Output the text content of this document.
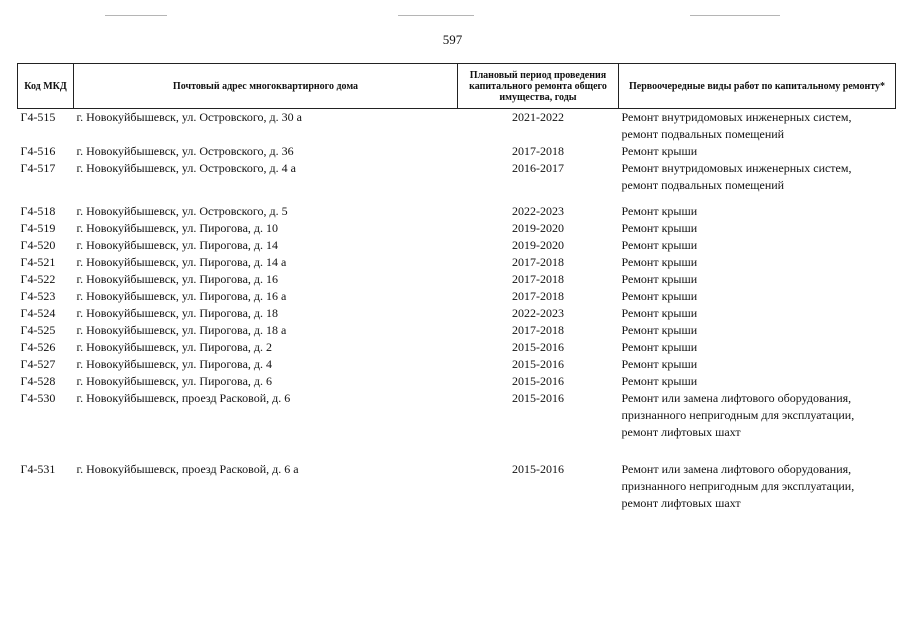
597
Код МКД	Почтовый адрес многоквартирного дома	Плановый период проведения капитального ремонта общего имущества, годы	Первоочередные виды работ по капитальному ремонту*
Г4-515	г. Новокуйбышевск, ул. Островского, д. 30 а	2021-2022	Ремонт внутридомовых инженерных систем,
ремонт подвальных помещений

Г4-516	г. Новокуйбышевск, ул. Островского, д. 36	2017-2018	Ремонт крыши

Г4-517	г. Новокуйбышевск, ул. Островского, д. 4 а	2016-2017	Ремонт внутридомовых инженерных систем,
ремонт подвальных помещений

Г4-518	г. Новокуйбышевск, ул. Островского, д. 5	2022-2023	Ремонт крыши

Г4-519	г. Новокуйбышевск, ул. Пирогова, д. 10	2019-2020	Ремонт крыши

Г4-520	г. Новокуйбышевск, ул. Пирогова, д. 14	2019-2020	Ремонт крыши

Г4-521	г. Новокуйбышевск, ул. Пирогова, д. 14 а	2017-2018	Ремонт крыши

Г4-522	г. Новокуйбышевск, ул. Пирогова, д. 16	2017-2018	Ремонт крыши

Г4-523	г. Новокуйбышевск, ул. Пирогова, д. 16 а	2017-2018	Ремонт крыши

Г4-524	г. Новокуйбышевск, ул. Пирогова, д. 18	2022-2023	Ремонт крыши

Г4-525	г. Новокуйбышевск, ул. Пирогова, д. 18 а	2017-2018	Ремонт крыши

Г4-526	г. Новокуйбышевск, ул. Пирогова, д. 2	2015-2016	Ремонт крыши

Г4-527	г. Новокуйбышевск, ул. Пирогова, д. 4	2015-2016	Ремонт крыши

Г4-528	г. Новокуйбышевск, ул. Пирогова, д. 6	2015-2016	Ремонт крыши

Г4-530	г. Новокуйбышевск, проезд Расковой, д. 6	2015-2016	Ремонт или замена лифтового оборудования,
признанного непригодным для эксплуатации,
ремонт лифтовых шахт

Г4-531	г. Новокуйбышевск, проезд Расковой, д. 6 а	2015-2016	Ремонт или замена лифтового оборудования,
признанного непригодным для эксплуатации,
ремонт лифтовых шахт
